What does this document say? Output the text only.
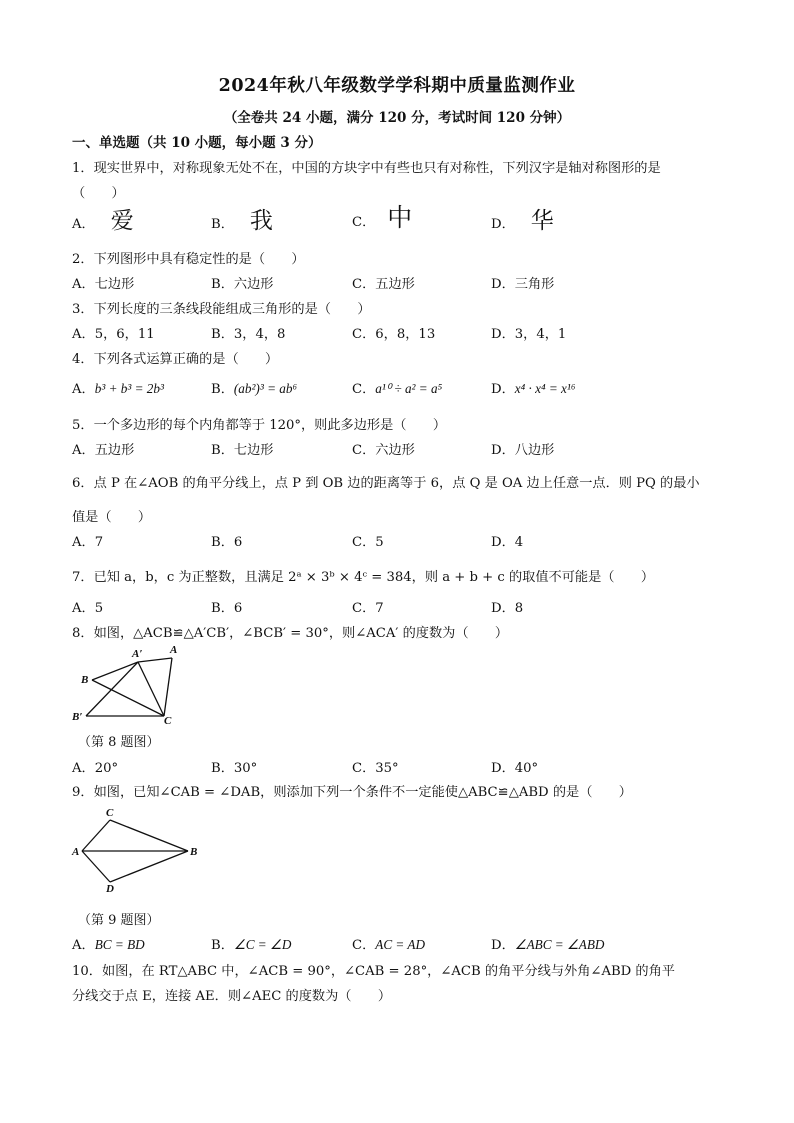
2024年秋八年级数学学科期中质量监测作业
（全卷共 24 小题，满分 120 分，考试时间 120 分钟）
一、单选题（共 10 小题，每小题 3 分）
1．现实世界中，对称现象无处不在，中国的方块字中有些也只有对称性，下列汉字是轴对称图形的是
（　　）
A． 爱	B． 我	C． 中	D． 华
2．下列图形中具有稳定性的是（　　）
A．七边形	B．六边形	C．五边形	D．三角形
3．下列长度的三条线段能组成三角形的是（　　）
A．5，6，11	B．3，4，8	C．6，8，13	D．3，4，1
4．下列各式运算正确的是（　　）
A．b³ + b³ = 2b³	B．(ab²)³ = ab⁶	C．a¹⁰ ÷ a² = a⁵	D．x⁴ · x⁴ = x¹⁶
5．一个多边形的每个内角都等于 120°，则此多边形是（　　）
A．五边形	B．七边形	C．六边形	D．八边形
6．点 P 在∠AOB 的角平分线上，点 P 到 OB 边的距离等于 6，点 Q 是 OA 边上任意一点．则 PQ 的最小
值是（　　）
A．7	B．6	C．5	D．4
7．已知 a，b，c 为正整数，且满足 2ᵃ × 3ᵇ × 4ᶜ = 384，则 a + b + c 的取值不可能是（　　）
A．5	B．6	C．7	D．8
8．如图，△ACB≌△A′CB′，∠BCB′ = 30°，则∠ACA′ 的度数为（　　）
A′	A
B
B′	C
（第 8 题图）
A．20°	B．30°	C．35°	D．40°
9．如图，已知∠CAB = ∠DAB，则添加下列一个条件不一定能使△ABC≌△ABD 的是（　　）
C
A	B
D
（第 9 题图）
A．BC = BD	B．∠C = ∠D	C．AC = AD	D．∠ABC = ∠ABD
10．如图，在 RT△ABC 中，∠ACB = 90°，∠CAB = 28°，∠ACB 的角平分线与外角∠ABD 的角平
分线交于点 E，连接 AE．则∠AEC 的度数为（　　）
